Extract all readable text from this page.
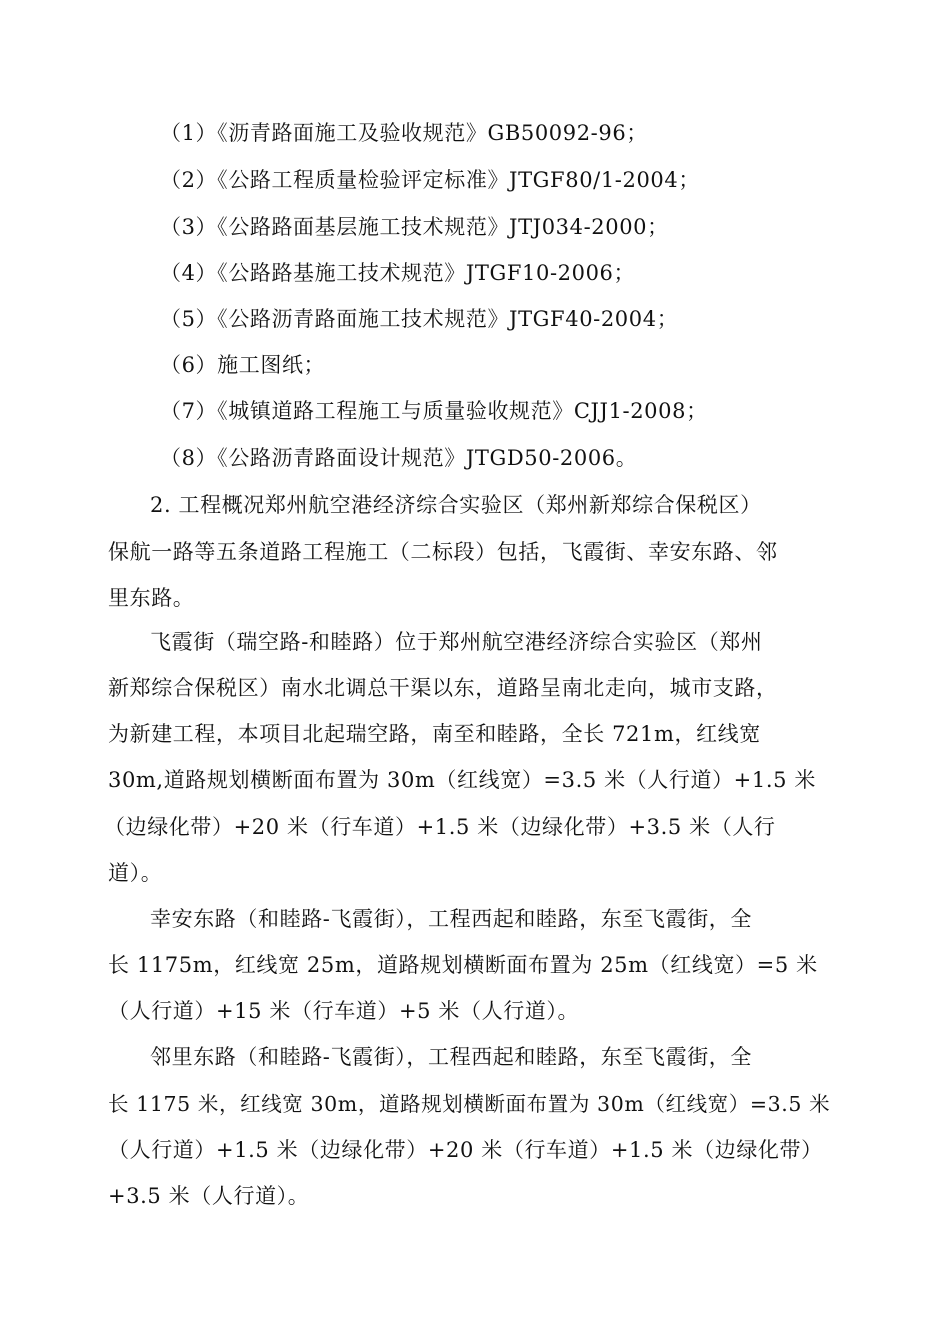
（1）《沥青路面施工及验收规范》GB50092-96；
（2）《公路工程质量检验评定标准》JTGF80/1-2004；
（3）《公路路面基层施工技术规范》JTJ034-2000；
（4）《公路路基施工技术规范》JTGF10-2006；
（5）《公路沥青路面施工技术规范》JTGF40-2004；
（6）施工图纸；
（7）《城镇道路工程施工与质量验收规范》CJJ1-2008；
（8）《公路沥青路面设计规范》JTGD50-2006。
2. 工程概况郑州航空港经济综合实验区（郑州新郑综合保税区）
保航一路等五条道路工程施工（二标段）包括，飞霞街、幸安东路、邻
里东路。
飞霞街（瑞空路-和睦路）位于郑州航空港经济综合实验区（郑州
新郑综合保税区）南水北调总干渠以东，道路呈南北走向，城市支路，
为新建工程，本项目北起瑞空路，南至和睦路，全长 721m，红线宽
30m,道路规划横断面布置为 30m（红线宽）=3.5 米（人行道）+1.5 米
（边绿化带）+20 米（行车道）+1.5 米（边绿化带）+3.5 米（人行
道）。
幸安东路（和睦路-飞霞街），工程西起和睦路，东至飞霞街，全
长 1175m，红线宽 25m，道路规划横断面布置为 25m（红线宽）=5 米
（人行道）+15 米（行车道）+5 米（人行道）。
邻里东路（和睦路-飞霞街），工程西起和睦路，东至飞霞街，全
长 1175 米，红线宽 30m，道路规划横断面布置为 30m（红线宽）=3.5 米
（人行道）+1.5 米（边绿化带）+20 米（行车道）+1.5 米（边绿化带）
+3.5 米（人行道）。
